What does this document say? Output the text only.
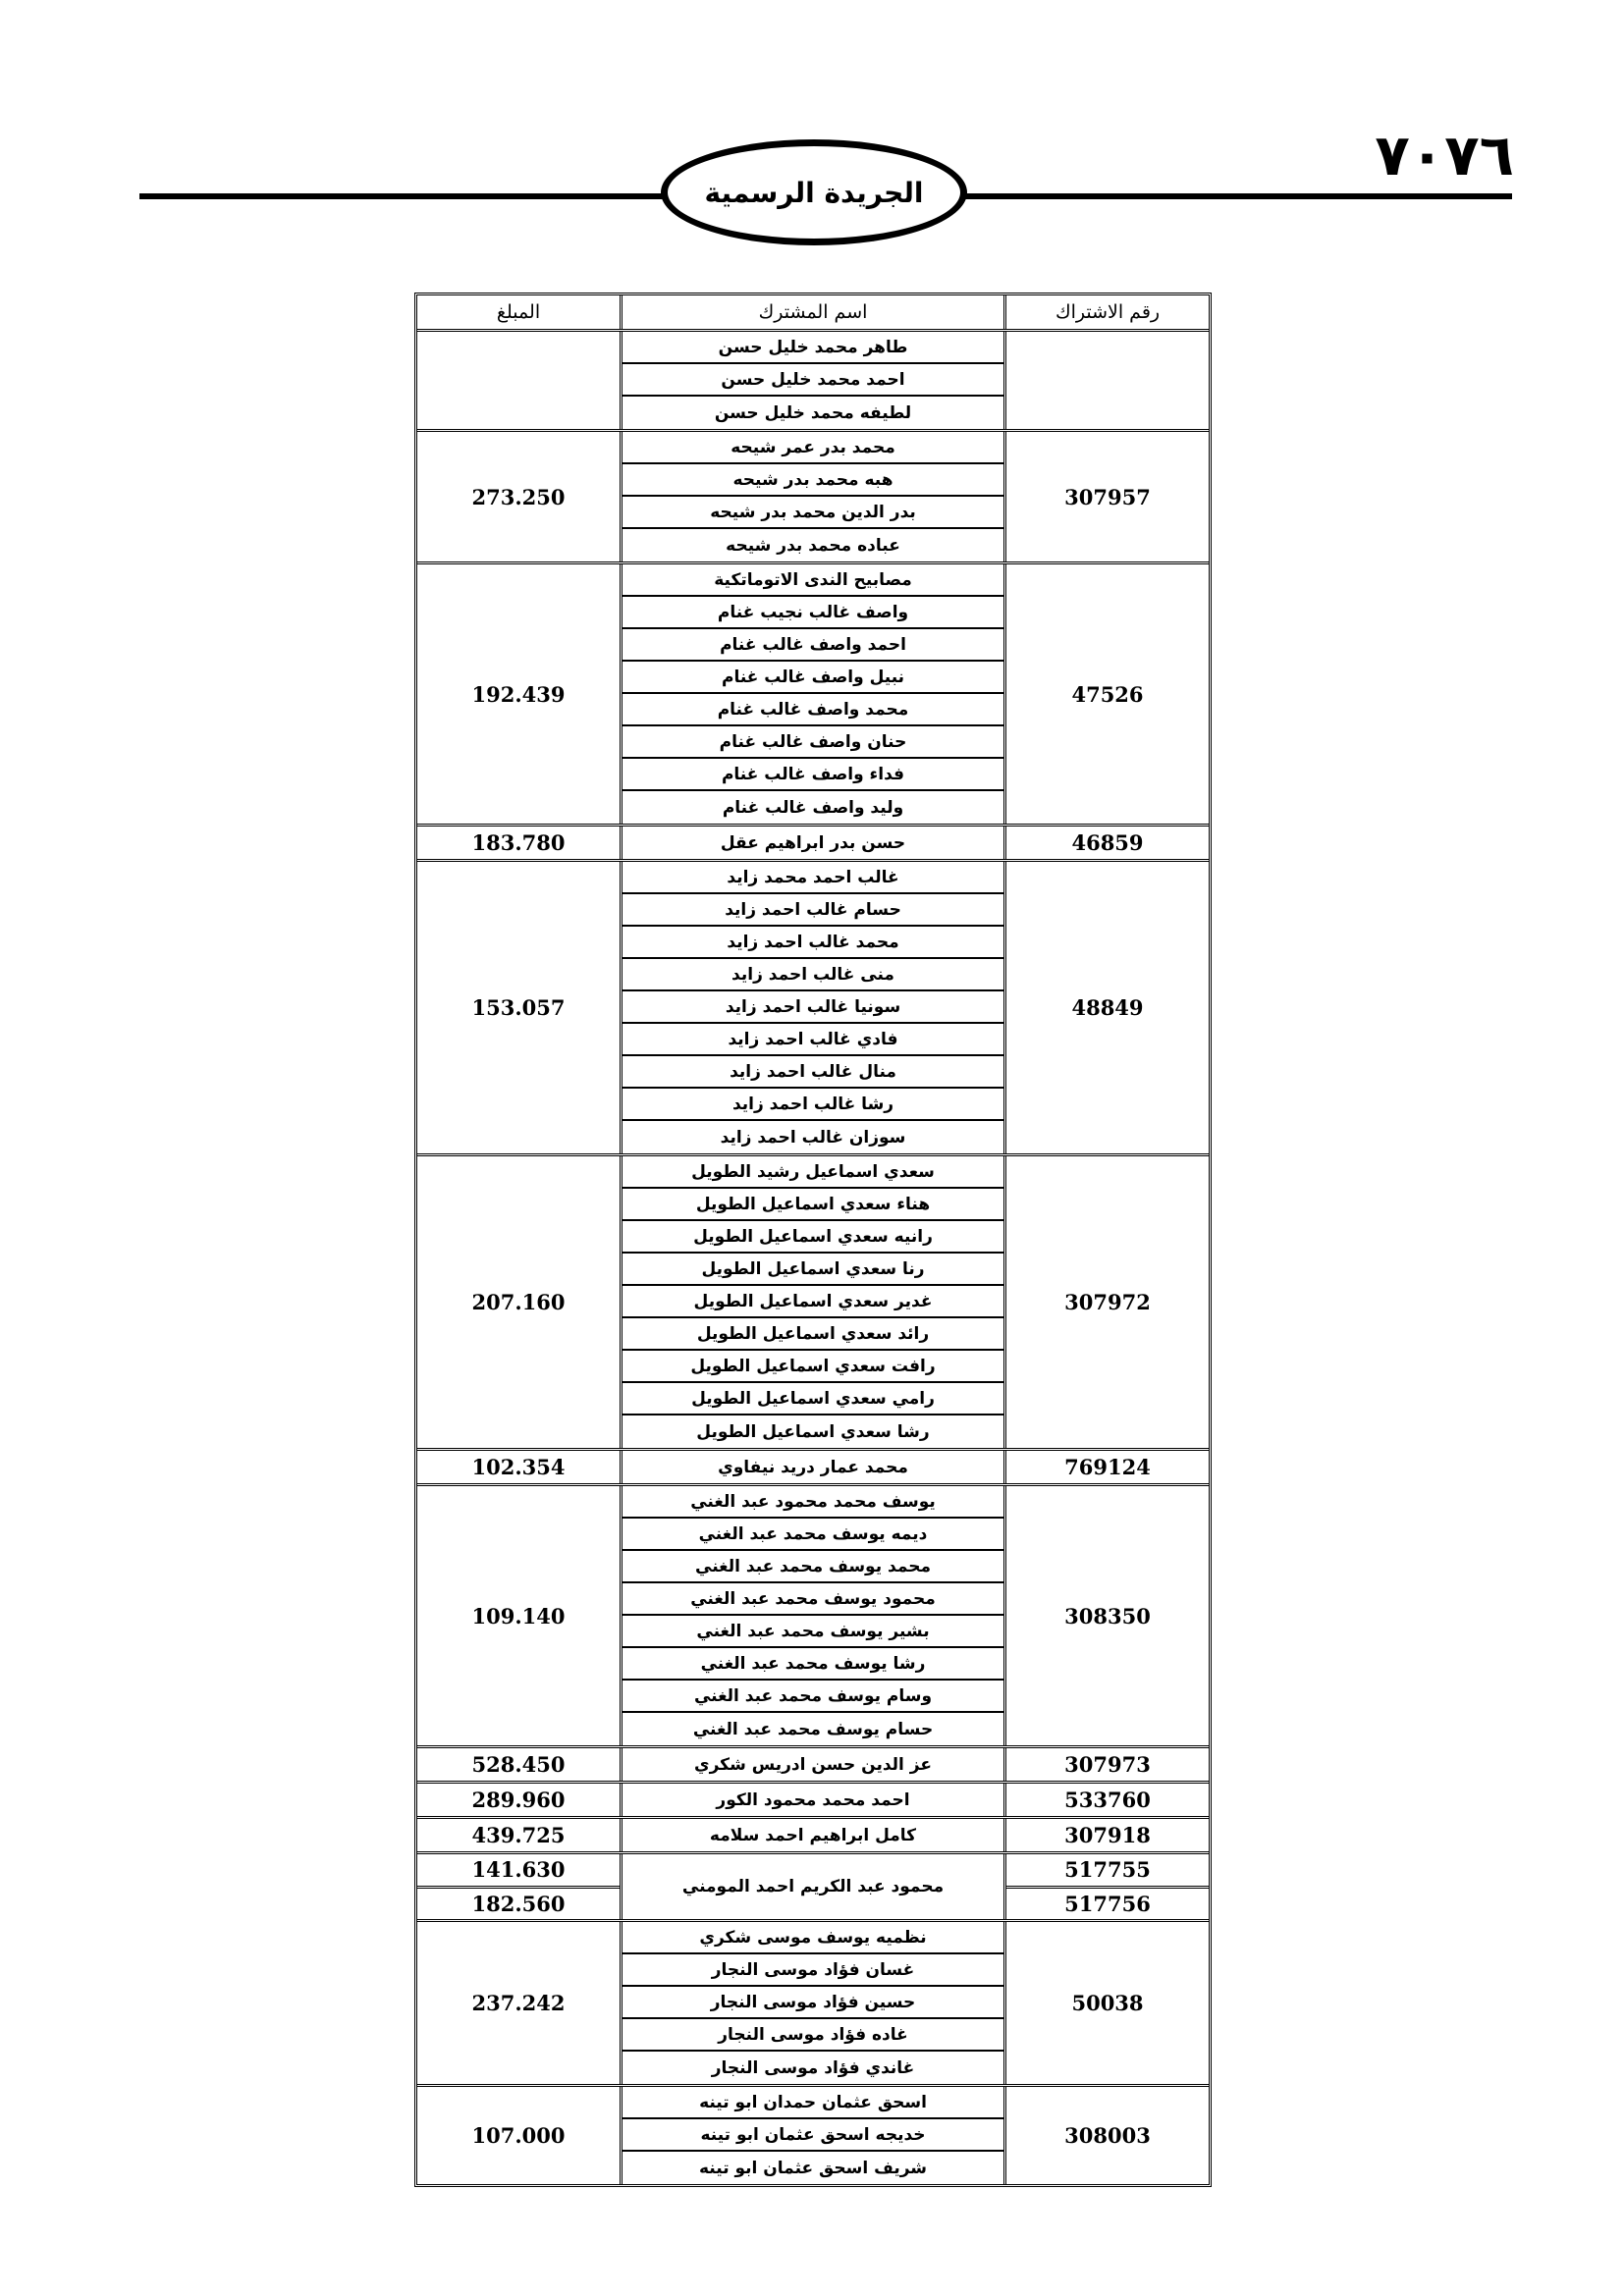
٧٠٧٦
الجريدة الرسمية
رقم الاشتراك
اسم المشترك
المبلغ
طاهر محمد خليل حسن
احمد محمد خليل حسن
لطيفه محمد خليل حسن
307957
محمد بدر عمر شيحه
هبه محمد بدر شيحه
بدر الدين محمد بدر شيحه
عباده محمد بدر شيحه
273.250
47526
مصابيح الندى الاتوماتكية
واصف غالب نجيب غنام
احمد واصف غالب غنام
نبيل واصف غالب غنام
محمد واصف غالب غنام
حنان واصف غالب غنام
فداء واصف غالب غنام
وليد واصف غالب غنام
192.439
46859
حسن بدر ابراهيم عقل
183.780
48849
غالب احمد محمد زايد
حسام غالب احمد زايد
محمد غالب احمد زايد
منى غالب احمد زايد
سونيا غالب احمد زايد
فادي غالب احمد زايد
منال غالب احمد زايد
رشا غالب احمد زايد
سوزان غالب احمد زايد
153.057
307972
سعدي اسماعيل رشيد الطويل
هناء سعدي اسماعيل الطويل
رانيه سعدي اسماعيل الطويل
رنا سعدي اسماعيل الطويل
غدير سعدي اسماعيل الطويل
رائد سعدي اسماعيل الطويل
رافت سعدي اسماعيل الطويل
رامي سعدي اسماعيل الطويل
رشا سعدي اسماعيل الطويل
207.160
769124
محمد عمار دريد نيفاوي
102.354
308350
يوسف محمد محمود عبد الغني
ديمه يوسف محمد عبد الغني
محمد يوسف محمد عبد الغني
محمود يوسف محمد عبد الغني
بشير يوسف محمد عبد الغني
رشا يوسف محمد عبد الغني
وسام يوسف محمد عبد الغني
حسام يوسف محمد عبد الغني
109.140
307973
عز الدين حسن ادريس شكري
528.450
533760
احمد محمد محمود الكور
289.960
307918
كامل ابراهيم احمد سلامه
439.725
517755
517756
محمود عبد الكريم احمد المومني
141.630
182.560
50038
نظميه يوسف موسى شكري
غسان فؤاد موسى النجار
حسين فؤاد موسى النجار
غاده فؤاد موسى النجار
غاندي فؤاد موسى النجار
237.242
308003
اسحق عثمان حمدان ابو تينه
خديجه اسحق عثمان ابو تينه
شريف اسحق عثمان ابو تينه
107.000
